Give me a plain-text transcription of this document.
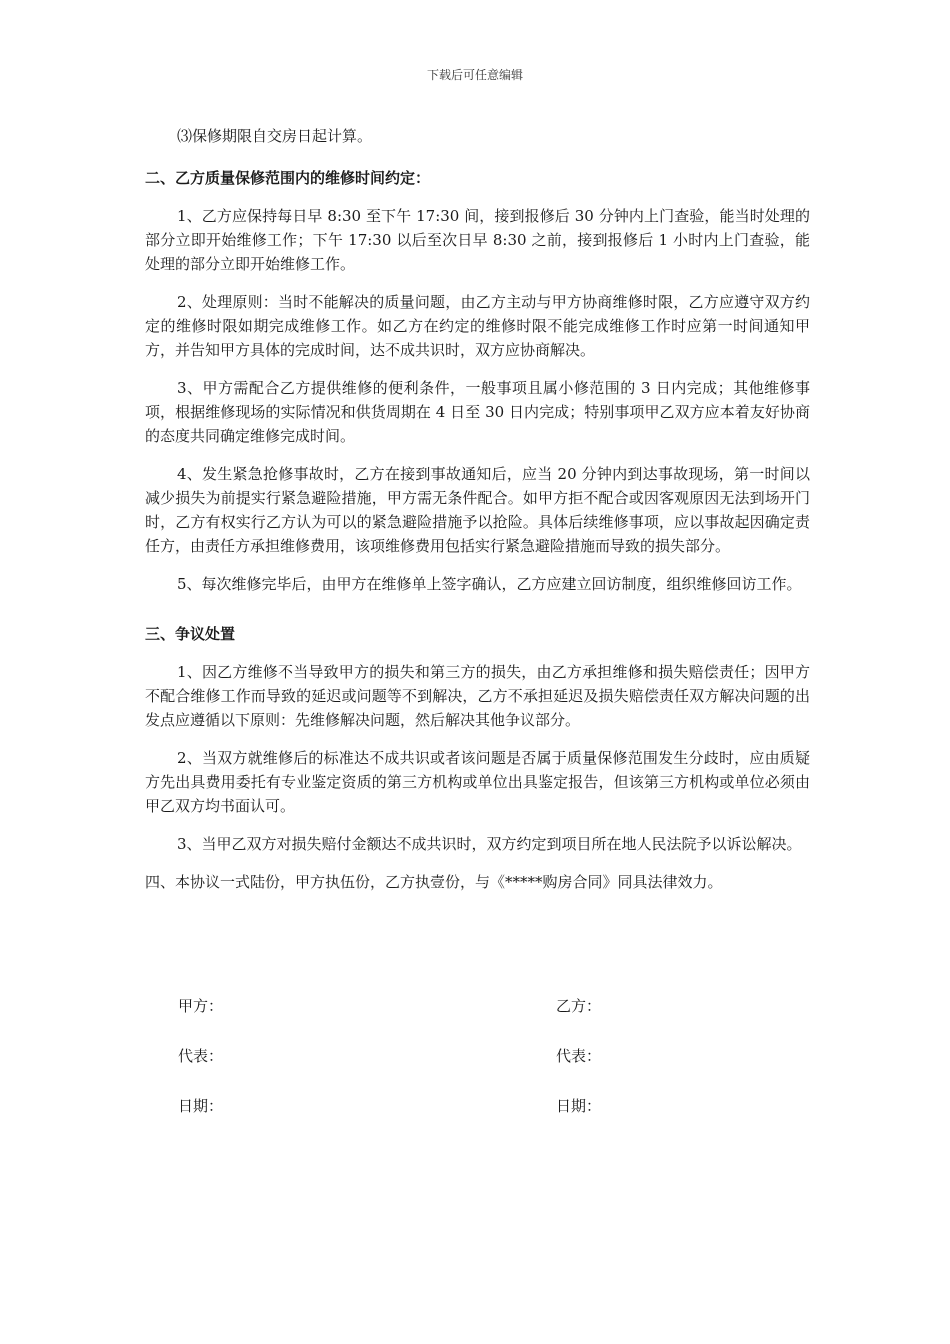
下载后可任意编辑

⑶保修期限自交房日起计算。

二、乙方质量保修范围内的维修时间约定：

1、乙方应保持每日早 8:30 至下午 17:30 间，接到报修后 30 分钟内上门查验，能当时处理的部分立即开始维修工作；下午 17:30 以后至次日早 8:30 之前，接到报修后 1 小时内上门查验，能处理的部分立即开始维修工作。

2、处理原则：当时不能解决的质量问题，由乙方主动与甲方协商维修时限，乙方应遵守双方约定的维修时限如期完成维修工作。如乙方在约定的维修时限不能完成维修工作时应第一时间通知甲方，并告知甲方具体的完成时间，达不成共识时，双方应协商解决。

3、甲方需配合乙方提供维修的便利条件，一般事项且属小修范围的 3 日内完成；其他维修事项，根据维修现场的实际情况和供货周期在 4 日至 30 日内完成；特别事项甲乙双方应本着友好协商的态度共同确定维修完成时间。

4、发生紧急抢修事故时，乙方在接到事故通知后，应当 20 分钟内到达事故现场，第一时间以减少损失为前提实行紧急避险措施，甲方需无条件配合。如甲方拒不配合或因客观原因无法到场开门时，乙方有权实行乙方认为可以的紧急避险措施予以抢险。具体后续维修事项，应以事故起因确定责任方，由责任方承担维修费用，该项维修费用包括实行紧急避险措施而导致的损失部分。

5、每次维修完毕后，由甲方在维修单上签字确认，乙方应建立回访制度，组织维修回访工作。

三、争议处置

1、因乙方维修不当导致甲方的损失和第三方的损失，由乙方承担维修和损失赔偿责任；因甲方不配合维修工作而导致的延迟或问题等不到解决，乙方不承担延迟及损失赔偿责任双方解决问题的出发点应遵循以下原则：先维修解决问题，然后解决其他争议部分。

2、当双方就维修后的标准达不成共识或者该问题是否属于质量保修范围发生分歧时，应由质疑方先出具费用委托有专业鉴定资质的第三方机构或单位出具鉴定报告，但该第三方机构或单位必须由甲乙双方均书面认可。

3、当甲乙双方对损失赔付金额达不成共识时，双方约定到项目所在地人民法院予以诉讼解决。

四、本协议一式陆份，甲方执伍份，乙方执壹份，与《*****购房合同》同具法律效力。

甲方：	乙方：
代表：	代表：
日期：	日期：
